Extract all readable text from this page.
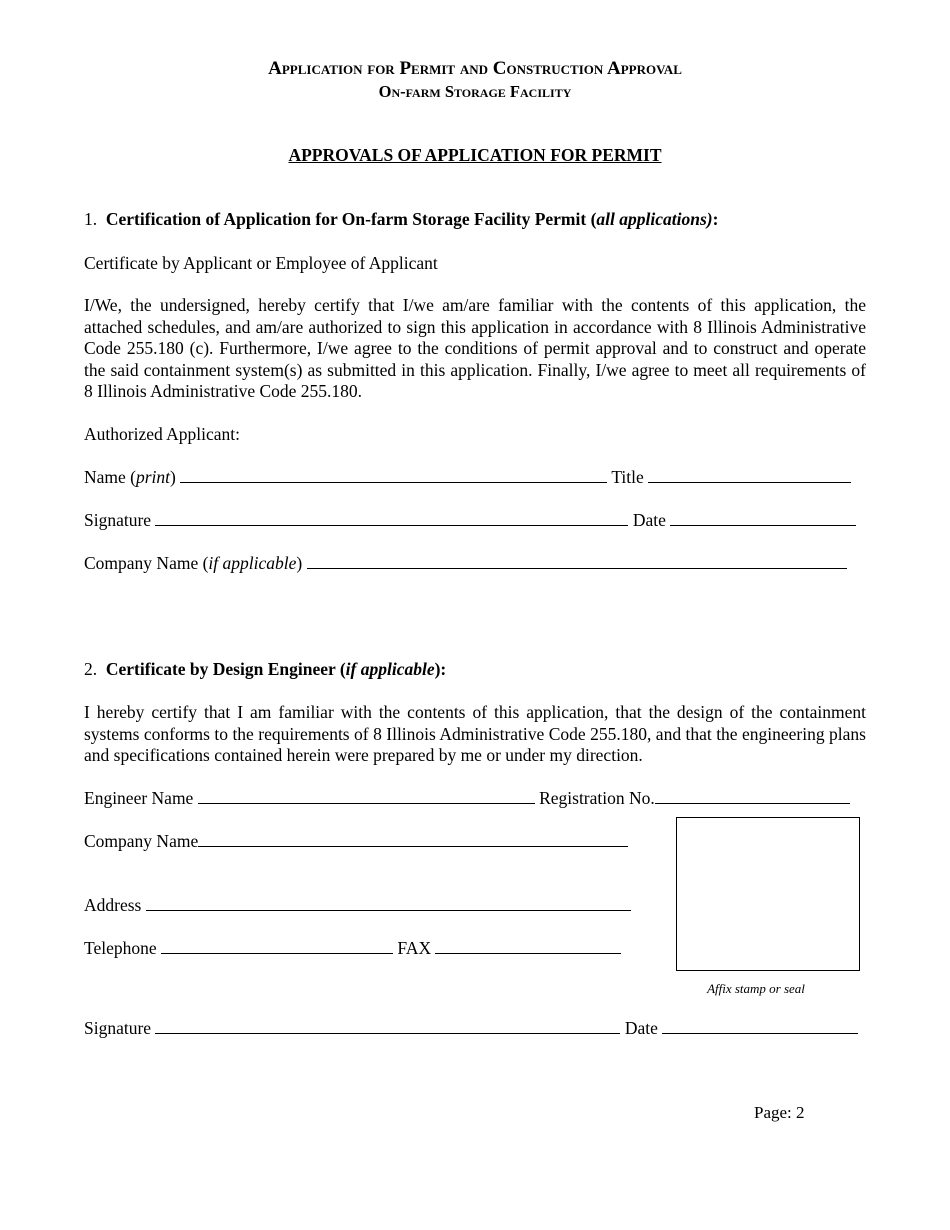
Application for Permit and Construction Approval
On-farm Storage Facility
APPROVALS OF APPLICATION FOR PERMIT
1. Certification of Application for On-farm Storage Facility Permit (all applications):
Certificate by Applicant or Employee of Applicant
I/We, the undersigned, hereby certify that I/we am/are familiar with the contents of this application, the attached schedules, and am/are authorized to sign this application in accordance with 8 Illinois Administrative Code 255.180 (c). Furthermore, I/we agree to the conditions of permit approval and to construct and operate the said containment system(s) as submitted in this application. Finally, I/we agree to meet all requirements of 8 Illinois Administrative Code 255.180.
Authorized Applicant:
Name (print)	Title
Signature	Date
Company Name (if applicable)
2. Certificate by Design Engineer (if applicable):
I hereby certify that I am familiar with the contents of this application, that the design of the containment systems conforms to the requirements of 8 Illinois Administrative Code 255.180, and that the engineering plans and specifications contained herein were prepared by me or under my direction.
Engineer Name	Registration No.
Company Name
Address
Telephone	FAX
Affix stamp or seal
Signature	Date
Page: 2
